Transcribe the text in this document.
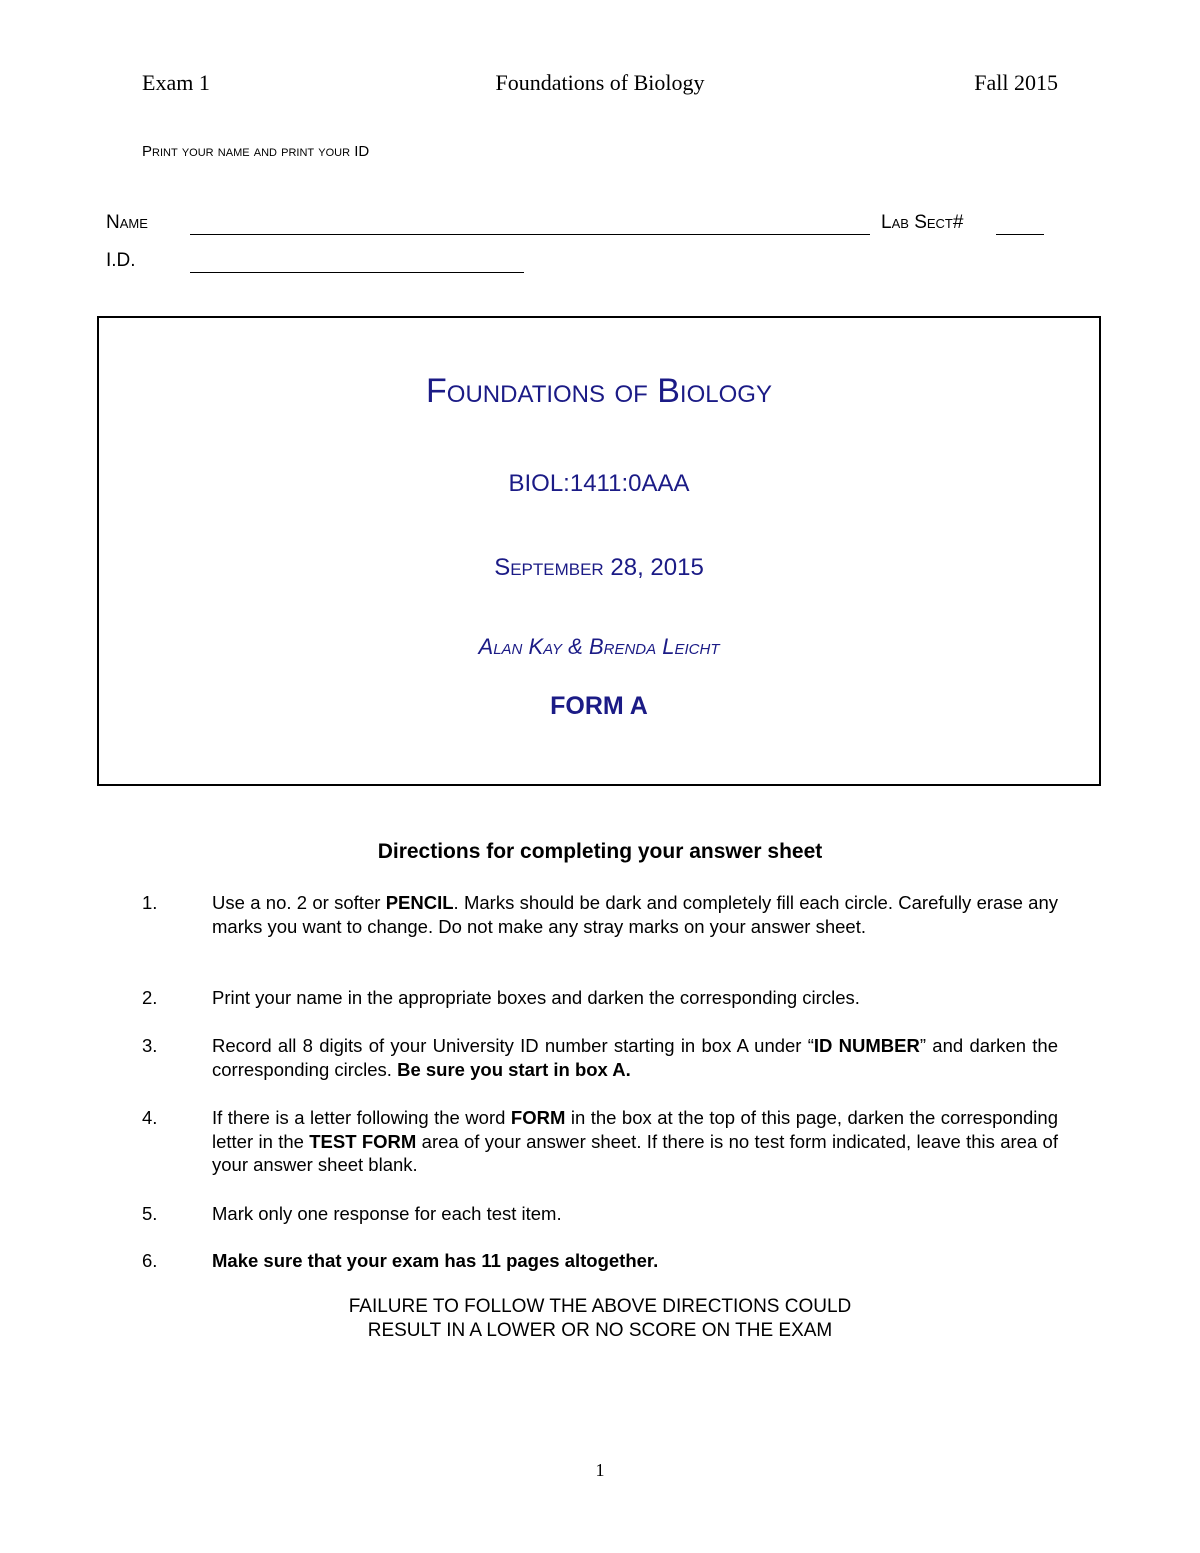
Exam 1	Foundations of Biology	Fall 2015
Print your name and print your ID
Name	Lab Sect#
I.D.
Foundations of Biology
BIOL:1411:0AAA
September 28, 2015
Alan Kay & Brenda Leicht
FORM A
Directions for completing your answer sheet
1.	Use a no. 2 or softer PENCIL. Marks should be dark and completely fill each circle. Carefully erase any marks you want to change. Do not make any stray marks on your answer sheet.
2.	Print your name in the appropriate boxes and darken the corresponding circles.
3.	Record all 8 digits of your University ID number starting in box A under “ID NUMBER” and darken the corresponding circles. Be sure you start in box A.
4.	If there is a letter following the word FORM in the box at the top of this page, darken the corresponding letter in the TEST FORM area of your answer sheet. If there is no test form indicated, leave this area of your answer sheet blank.
5.	Mark only one response for each test item.
6.	Make sure that your exam has 11 pages altogether.
FAILURE TO FOLLOW THE ABOVE DIRECTIONS COULD
RESULT IN A LOWER OR NO SCORE ON THE EXAM
1
